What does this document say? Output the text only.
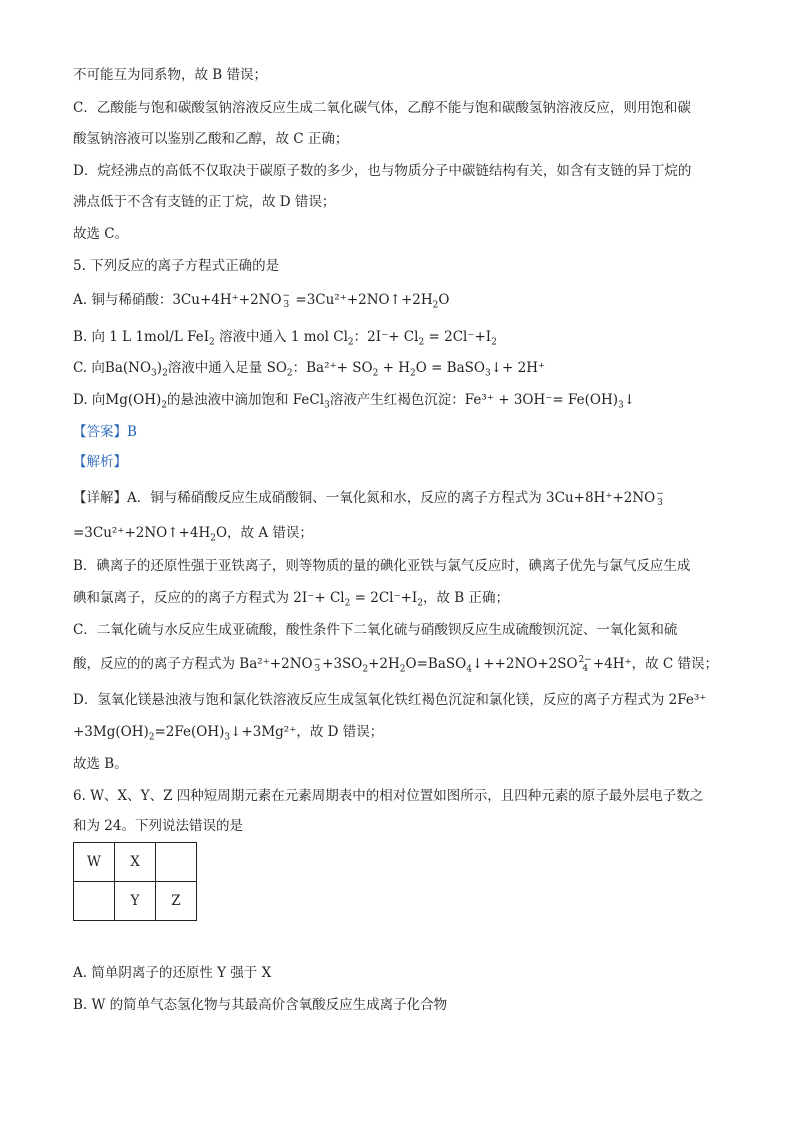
不可能互为同系物，故 B 错误；
C．乙酸能与饱和碳酸氢钠溶液反应生成二氧化碳气体，乙醇不能与饱和碳酸氢钠溶液反应，则用饱和碳
酸氢钠溶液可以鉴别乙酸和乙醇，故 C 正确；
D．烷烃沸点的高低不仅取决于碳原子数的多少，也与物质分子中碳链结构有关，如含有支链的异丁烷的
沸点低于不含有支链的正丁烷，故 D 错误；
故选 C。
5. 下列反应的离子方程式正确的是
A. 铜与稀硝酸：3Cu+4H⁺+2NO −
$3 =3Cu^{2+}+2NO↑+2H_2O$
B. 向 1 L 1mol/L FeI$_2$ 溶液中通入 1 mol $Cl_2$：$2I^-+ Cl_2 = 2Cl^-+I_2$
C. 向$Ba(NO_3)_2$溶液中通入足量 $SO_2$：$Ba^{2+}+ SO_2 + H_2O$ = BaSO$_3$↓+ 2H⁺
D. 向$Mg(OH)_2$的悬浊液中滴加饱和 FeCl$_3$溶液产生红褐色沉淀：$Fe^{3+} + 3OH^-= Fe(OH)_3↓$
【答案】B
【解析】
【详解】A．铜与稀硝酸反应生成硝酸铜、一氧化氮和水，反应的离子方程式为 3Cu+8H⁺+2NO −
3
$=3Cu^{2+}+2NO↑+4H_2O$，故 A 错误；
B．碘离子的还原性强于亚铁离子，则等物质的量的碘化亚铁与氯气反应时，碘离子优先与氯气反应生成
碘和氯离子，反应的的离子方程式为 $2I^-+ Cl_2 = 2Cl^-+I_2$，故 B 正确；
C．二氧化硫与水反应生成亚硫酸，酸性条件下二氧化硫与硝酸钡反应生成硫酸钡沉淀、一氧化氮和硫
酸，反应的的离子方程式为 Ba²⁺+2NO −
$3 +3SO_2+2H_2O=BaSO_4↓++2NO+2SO$ 2−
4 +4H⁺，故 C 错误；
D．氢氧化镁悬浊液与饱和氯化铁溶液反应生成氢氧化铁红褐色沉淀和氯化镁，反应的离子方程式为 2Fe³⁺
$+3Mg(OH)_2=2Fe(OH)_3↓+3Mg^{2+}$，故 D 错误；
故选 B。
6. W、X、Y、Z 四种短周期元素在元素周期表中的相对位置如图所示，且四种元素的原子最外层电子数之
和为 24。下列说法错误的是
W	X	
	Y	Z
A. 简单阴离子的还原性 Y 强于 X
B. W 的简单气态氢化物与其最高价含氧酸反应生成离子化合物
